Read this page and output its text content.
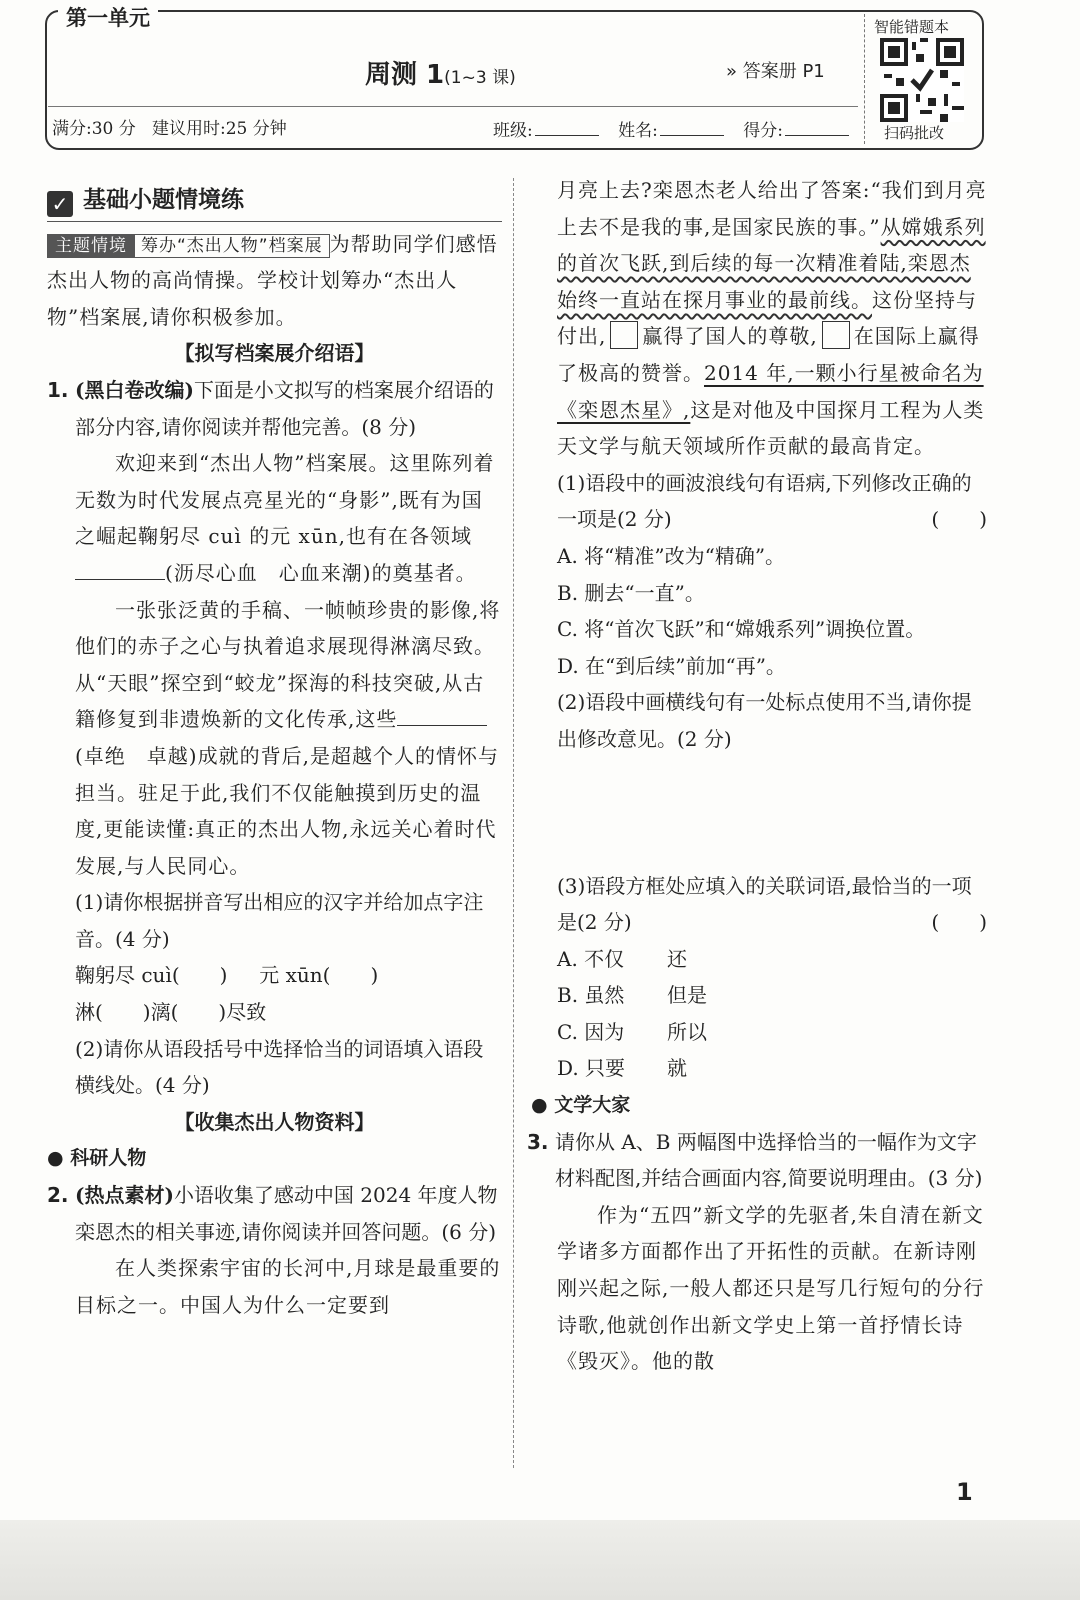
第一单元
周测 1(1~3 课)	» 答案册 P1
满分:30 分 建议用时:25 分钟	班级:	姓名:	得分:
智能错题本
扫码批改
✓ 基础小题情境练
主题情境 筹办“杰出人物”档案展 为帮助同学们感悟杰出人物的高尚情操。学校计划筹办“杰出人物”档案展,请你积极参加。
【拟写档案展介绍语】
1. (黑白卷改编)下面是小文拟写的档案展介绍语的部分内容,请你阅读并帮他完善。(8 分)
欢迎来到“杰出人物”档案展。这里陈列着无数为时代发展点亮星光的“身影”,既有为国之崛起鞠躬尽 cuì 的元 xūn,也有在各领域(沥尽心血　心血来潮)的奠基者。
一张张泛黄的手稿、一帧帧珍贵的影像,将他们的赤子之心与执着追求展现得淋漓尽致。从“天眼”探空到“蛟龙”探海的科技突破,从古籍修复到非遗焕新的文化传承,这些(卓绝　卓越)成就的背后,是超越个人的情怀与担当。驻足于此,我们不仅能触摸到历史的温度,更能读懂:真正的杰出人物,永远关心着时代发展,与人民同心。
(1)请你根据拼音写出相应的汉字并给加点字注音。(4 分)
鞠躬尽 cuì(　　) 元 xūn(　　)
淋(　　)漓(　　)尽致
(2)请你从语段括号中选择恰当的词语填入语段横线处。(4 分)
【收集杰出人物资料】
● 科研人物
2. (热点素材)小语收集了感动中国 2024 年度人物栾恩杰的相关事迹,请你阅读并回答问题。(6 分)
在人类探索宇宙的长河中,月球是最重要的目标之一。中国人为什么一定要到
月亮上去?栾恩杰老人给出了答案:“我们到月亮上去不是我的事,是国家民族的事。”从嫦娥系列的首次飞跃,到后续的每一次精准着陆,栾恩杰始终一直站在探月事业的最前线。这份坚持与付出, 赢得了国人的尊敬, 在国际上赢得了极高的赞誉。2014 年,一颗小行星被命名为《栾恩杰星》,这是对他及中国探月工程为人类天文学与航天领域所作贡献的最高肯定。
(1)语段中的画波浪线句有语病,下列修改正确的一项是(2 分)	(　　)
A. 将“精准”改为“精确”。
B. 删去“一直”。
C. 将“首次飞跃”和“嫦娥系列”调换位置。
D. 在“到后续”前加“再”。
(2)语段中画横线句有一处标点使用不当,请你提出修改意见。(2 分)
(3)语段方框处应填入的关联词语,最恰当的一项是(2 分)	(　　)
A. 不仅 还
B. 虽然 但是
C. 因为 所以
D. 只要 就
● 文学大家
3. 请你从 A、B 两幅图中选择恰当的一幅作为文字材料配图,并结合画面内容,简要说明理由。(3 分)
作为“五四”新文学的先驱者,朱自清在新文学诸多方面都作出了开拓性的贡献。在新诗刚刚兴起之际,一般人都还只是写几行短句的分行诗歌,他就创作出新文学史上第一首抒情长诗《毁灭》。他的散
1
